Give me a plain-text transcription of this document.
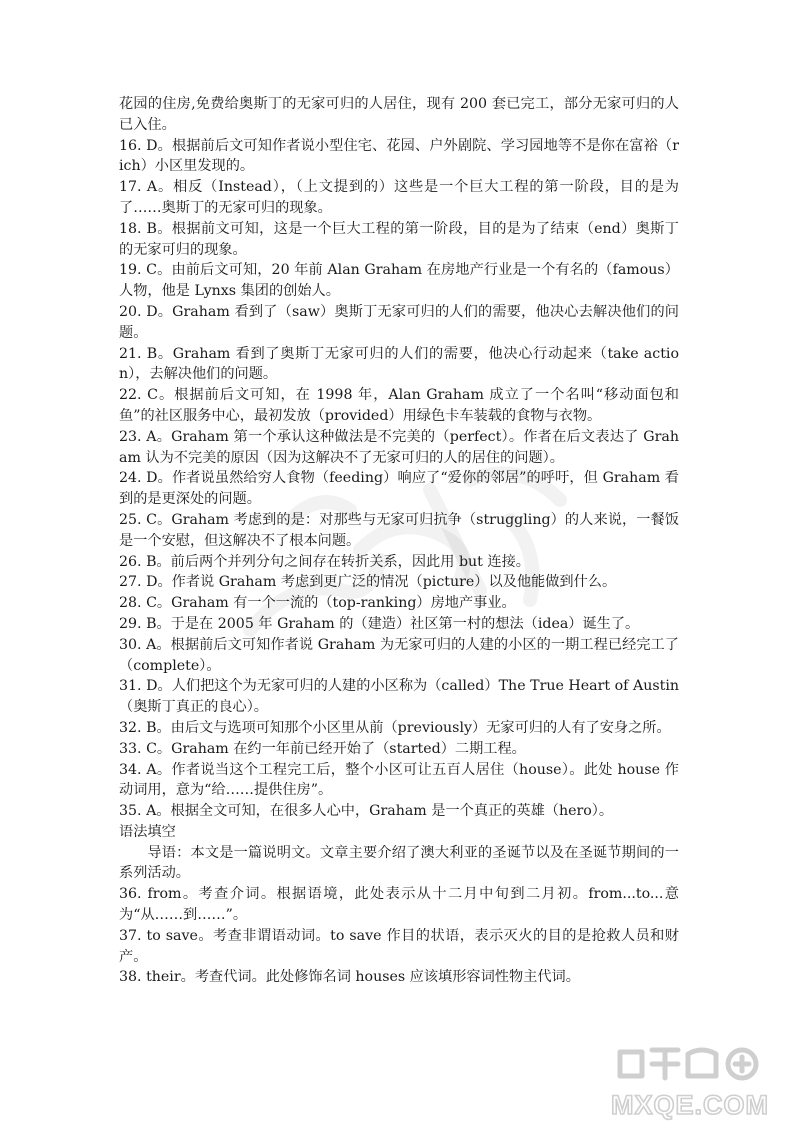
花园的住房,免费给奥斯丁的无家可归的人居住，现有 200 套已完工，部分无家可归的人已入住。

16. D。根据前后文可知作者说小型住宅、花园、户外剧院、学习园地等不是你在富裕（rich）小区里发现的。

17. A。相反（Instead），（上文提到的）这些是一个巨大工程的第一阶段，目的是为了……奥斯丁的无家可归的现象。

18. B。根据前文可知，这是一个巨大工程的第一阶段，目的是为了结束（end）奥斯丁的无家可归的现象。

19. C。由前后文可知，20 年前 Alan Graham 在房地产行业是一个有名的（famous）人物，他是 Lynxs 集团的创始人。

20. D。Graham 看到了（saw）奥斯丁无家可归的人们的需要，他决心去解决他们的问题。

21. B。Graham 看到了奥斯丁无家可归的人们的需要，他决心行动起来（take action），去解决他们的问题。

22. C。根据前后文可知，在 1998 年，Alan Graham 成立了一个名叫“移动面包和鱼”的社区服务中心，最初发放（provided）用绿色卡车装载的食物与衣物。

23. A。Graham 第一个承认这种做法是不完美的（perfect）。作者在后文表达了 Graham 认为不完美的原因（因为这解决不了无家可归的人的居住的问题）。

24. D。作者说虽然给穷人食物（feeding）响应了“爱你的邻居”的呼吁，但 Graham 看到的是更深处的问题。

25. C。Graham 考虑到的是：对那些与无家可归抗争（struggling）的人来说，一餐饭是一个安慰，但这解决不了根本问题。

26. B。前后两个并列分句之间存在转折关系，因此用 but 连接。

27. D。作者说 Graham 考虑到更广泛的情况（picture）以及他能做到什么。

28. C。Graham 有一个一流的（top-ranking）房地产事业。

29. B。于是在 2005 年 Graham 的（建造）社区第一村的想法（idea）诞生了。

30. A。根据前后文可知作者说 Graham 为无家可归的人建的小区的一期工程已经完工了（complete）。

31. D。人们把这个为无家可归的人建的小区称为（called）The True Heart of Austin（奥斯丁真正的良心）。

32. B。由后文与选项可知那个小区里从前（previously）无家可归的人有了安身之所。

33. C。Graham 在约一年前已经开始了（started）二期工程。

34. A。作者说当这个工程完工后，整个小区可让五百人居住（house）。此处 house 作动词用，意为“给……提供住房”。

35. A。根据全文可知，在很多人心中，Graham 是一个真正的英雄（hero）。

语法填空

导语：本文是一篇说明文。文章主要介绍了澳大利亚的圣诞节以及在圣诞节期间的一系列活动。

36. from。考查介词。根据语境，此处表示从十二月中旬到二月初。from...to...意为“从……到……”。

37. to save。考查非谓语动词。to save 作目的状语，表示灭火的目的是抢救人员和财产。

38. their。考查代词。此处修饰名词 houses 应该填形容词性物主代词。

MXQE.COM
